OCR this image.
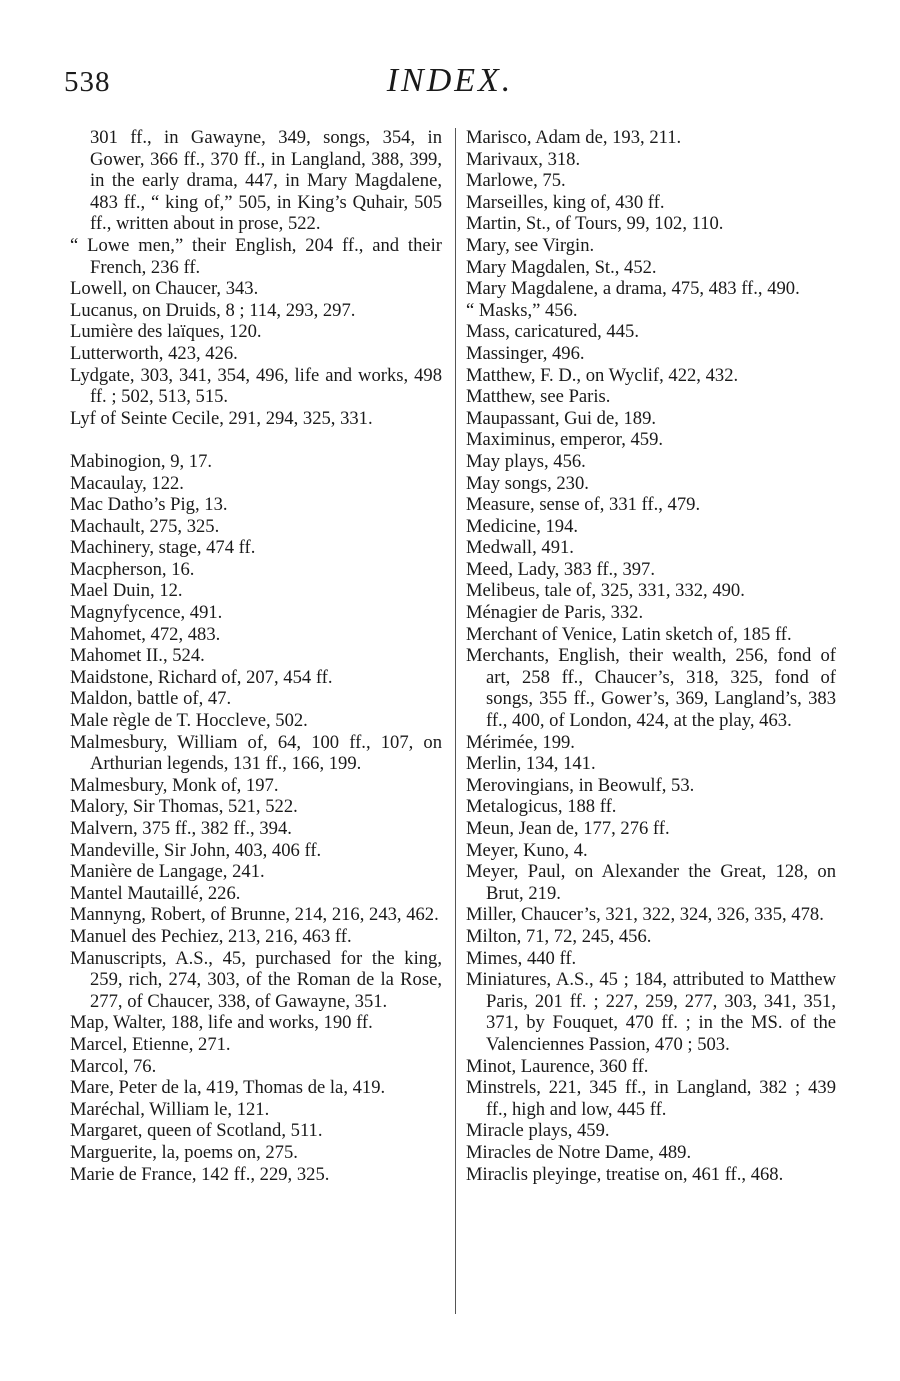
538	INDEX.
301 ff., in Gawayne, 349, songs, 354, in Gower, 366 ff., 370 ff., in Langland, 388, 399, in the early drama, 447, in Mary Magdalene, 483 ff., “ king of,” 505, in King’s Quhair, 505 ff., written about in prose, 522.
“ Lowe men,” their English, 204 ff., and their French, 236 ff.
Lowell, on Chaucer, 343.
Lucanus, on Druids, 8 ; 114, 293, 297.
Lumière des laïques, 120.
Lutterworth, 423, 426.
Lydgate, 303, 341, 354, 496, life and works, 498 ff. ; 502, 513, 515.
Lyf of Seinte Cecile, 291, 294, 325, 331.
Mabinogion, 9, 17.
Macaulay, 122.
Mac Datho’s Pig, 13.
Machault, 275, 325.
Machinery, stage, 474 ff.
Macpherson, 16.
Mael Duin, 12.
Magnyfycence, 491.
Mahomet, 472, 483.
Mahomet II., 524.
Maidstone, Richard of, 207, 454 ff.
Maldon, battle of, 47.
Male règle de T. Hoccleve, 502.
Malmesbury, William of, 64, 100 ff., 107, on Arthurian legends, 131 ff., 166, 199.
Malmesbury, Monk of, 197.
Malory, Sir Thomas, 521, 522.
Malvern, 375 ff., 382 ff., 394.
Mandeville, Sir John, 403, 406 ff.
Manière de Langage, 241.
Mantel Mautaillé, 226.
Mannyng, Robert, of Brunne, 214, 216, 243, 462.
Manuel des Pechiez, 213, 216, 463 ff.
Manuscripts, A.S., 45, purchased for the king, 259, rich, 274, 303, of the Roman de la Rose, 277, of Chaucer, 338, of Gawayne, 351.
Map, Walter, 188, life and works, 190 ff.
Marcel, Etienne, 271.
Marcol, 76.
Mare, Peter de la, 419, Thomas de la, 419.
Maréchal, William le, 121.
Margaret, queen of Scotland, 511.
Marguerite, la, poems on, 275.
Marie de France, 142 ff., 229, 325.
Marisco, Adam de, 193, 211.
Marivaux, 318.
Marlowe, 75.
Marseilles, king of, 430 ff.
Martin, St., of Tours, 99, 102, 110.
Mary, see Virgin.
Mary Magdalen, St., 452.
Mary Magdalene, a drama, 475, 483 ff., 490.
“ Masks,” 456.
Mass, caricatured, 445.
Massinger, 496.
Matthew, F. D., on Wyclif, 422, 432.
Matthew, see Paris.
Maupassant, Gui de, 189.
Maximinus, emperor, 459.
May plays, 456.
May songs, 230.
Measure, sense of, 331 ff., 479.
Medicine, 194.
Medwall, 491.
Meed, Lady, 383 ff., 397.
Melibeus, tale of, 325, 331, 332, 490.
Ménagier de Paris, 332.
Merchant of Venice, Latin sketch of, 185 ff.
Merchants, English, their wealth, 256, fond of art, 258 ff., Chaucer’s, 318, 325, fond of songs, 355 ff., Gower’s, 369, Langland’s, 383 ff., 400, of London, 424, at the play, 463.
Mérimée, 199.
Merlin, 134, 141.
Merovingians, in Beowulf, 53.
Metalogicus, 188 ff.
Meun, Jean de, 177, 276 ff.
Meyer, Kuno, 4.
Meyer, Paul, on Alexander the Great, 128, on Brut, 219.
Miller, Chaucer’s, 321, 322, 324, 326, 335, 478.
Milton, 71, 72, 245, 456.
Mimes, 440 ff.
Miniatures, A.S., 45 ; 184, attributed to Matthew Paris, 201 ff. ; 227, 259, 277, 303, 341, 351, 371, by Fouquet, 470 ff. ; in the MS. of the Valenciennes Passion, 470 ; 503.
Minot, Laurence, 360 ff.
Minstrels, 221, 345 ff., in Langland, 382 ; 439 ff., high and low, 445 ff.
Miracle plays, 459.
Miracles de Notre Dame, 489.
Miraclis pleyinge, treatise on, 461 ff., 468.
